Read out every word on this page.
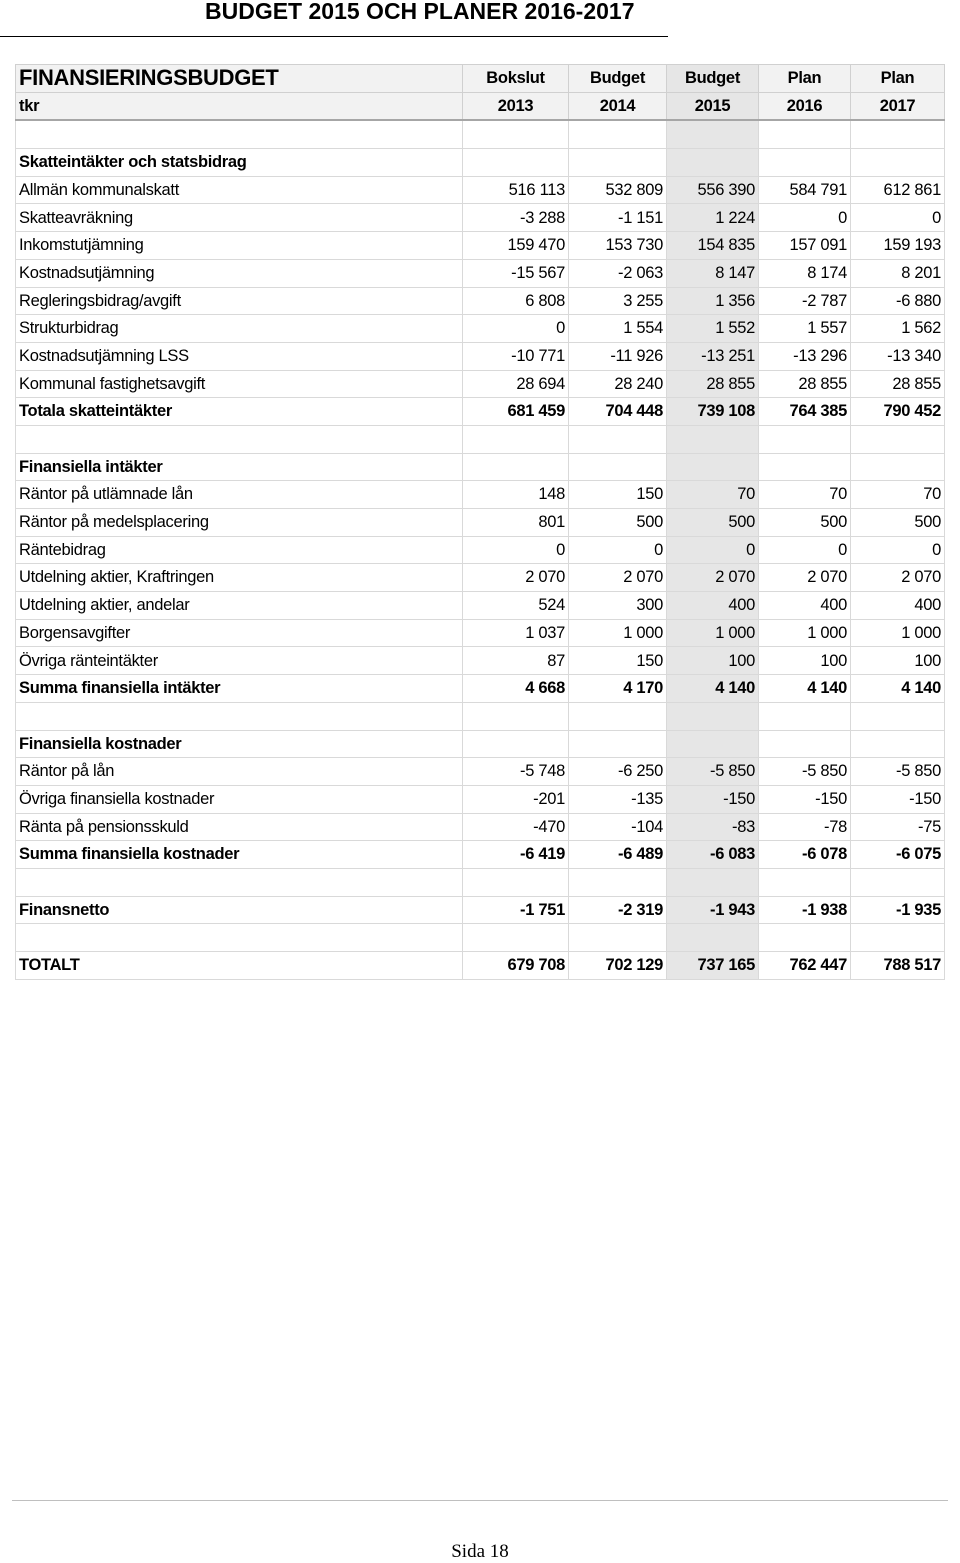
BUDGET 2015 OCH PLANER 2016-2017
FINANSIERINGSBUDGET	Bokslut	Budget	Budget	Plan	Plan
tkr	2013	2014	2015	2016	2017

Skatteintäkter och statsbidrag					
Allmän kommunalskatt	516 113	532 809	556 390	584 791	612 861
Skatteavräkning	-3 288	-1 151	1 224	0	0
Inkomstutjämning	159 470	153 730	154 835	157 091	159 193
Kostnadsutjämning	-15 567	-2 063	8 147	8 174	8 201
Regleringsbidrag/avgift	6 808	3 255	1 356	-2 787	-6 880
Strukturbidrag	0	1 554	1 552	1 557	1 562
Kostnadsutjämning LSS	-10 771	-11 926	-13 251	-13 296	-13 340
Kommunal fastighetsavgift	28 694	28 240	28 855	28 855	28 855
Totala skatteintäkter	681 459	704 448	739 108	764 385	790 452

Finansiella intäkter					
Räntor på utlämnade lån	148	150	70	70	70
Räntor på medelsplacering	801	500	500	500	500
Räntebidrag	0	0	0	0	0
Utdelning aktier, Kraftringen	2 070	2 070	2 070	2 070	2 070
Utdelning aktier, andelar	524	300	400	400	400
Borgensavgifter	1 037	1 000	1 000	1 000	1 000
Övriga ränteintäkter	87	150	100	100	100
Summa finansiella intäkter	4 668	4 170	4 140	4 140	4 140

Finansiella kostnader					
Räntor på lån	-5 748	-6 250	-5 850	-5 850	-5 850
Övriga finansiella kostnader	-201	-135	-150	-150	-150
Ränta på pensionsskuld	-470	-104	-83	-78	-75
Summa finansiella kostnader	-6 419	-6 489	-6 083	-6 078	-6 075

Finansnetto	-1 751	-2 319	-1 943	-1 938	-1 935

TOTALT	679 708	702 129	737 165	762 447	788 517
Sida 18
